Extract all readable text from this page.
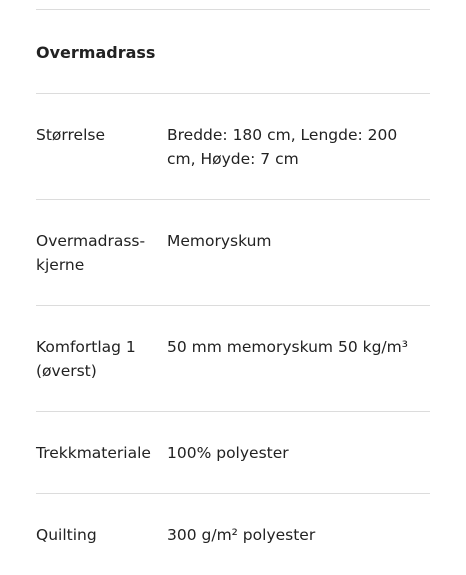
Overmadrass
Størrelse	Bredde: 180 cm, Lengde: 200 cm, Høyde: 7 cm
Overmadrass-kjerne
Memoryskum
Komfortlag 1 (øverst)
50 mm memoryskum 50 kg/m³
Trekkmateriale 100% polyester
Quilting	300 g/m² polyester
